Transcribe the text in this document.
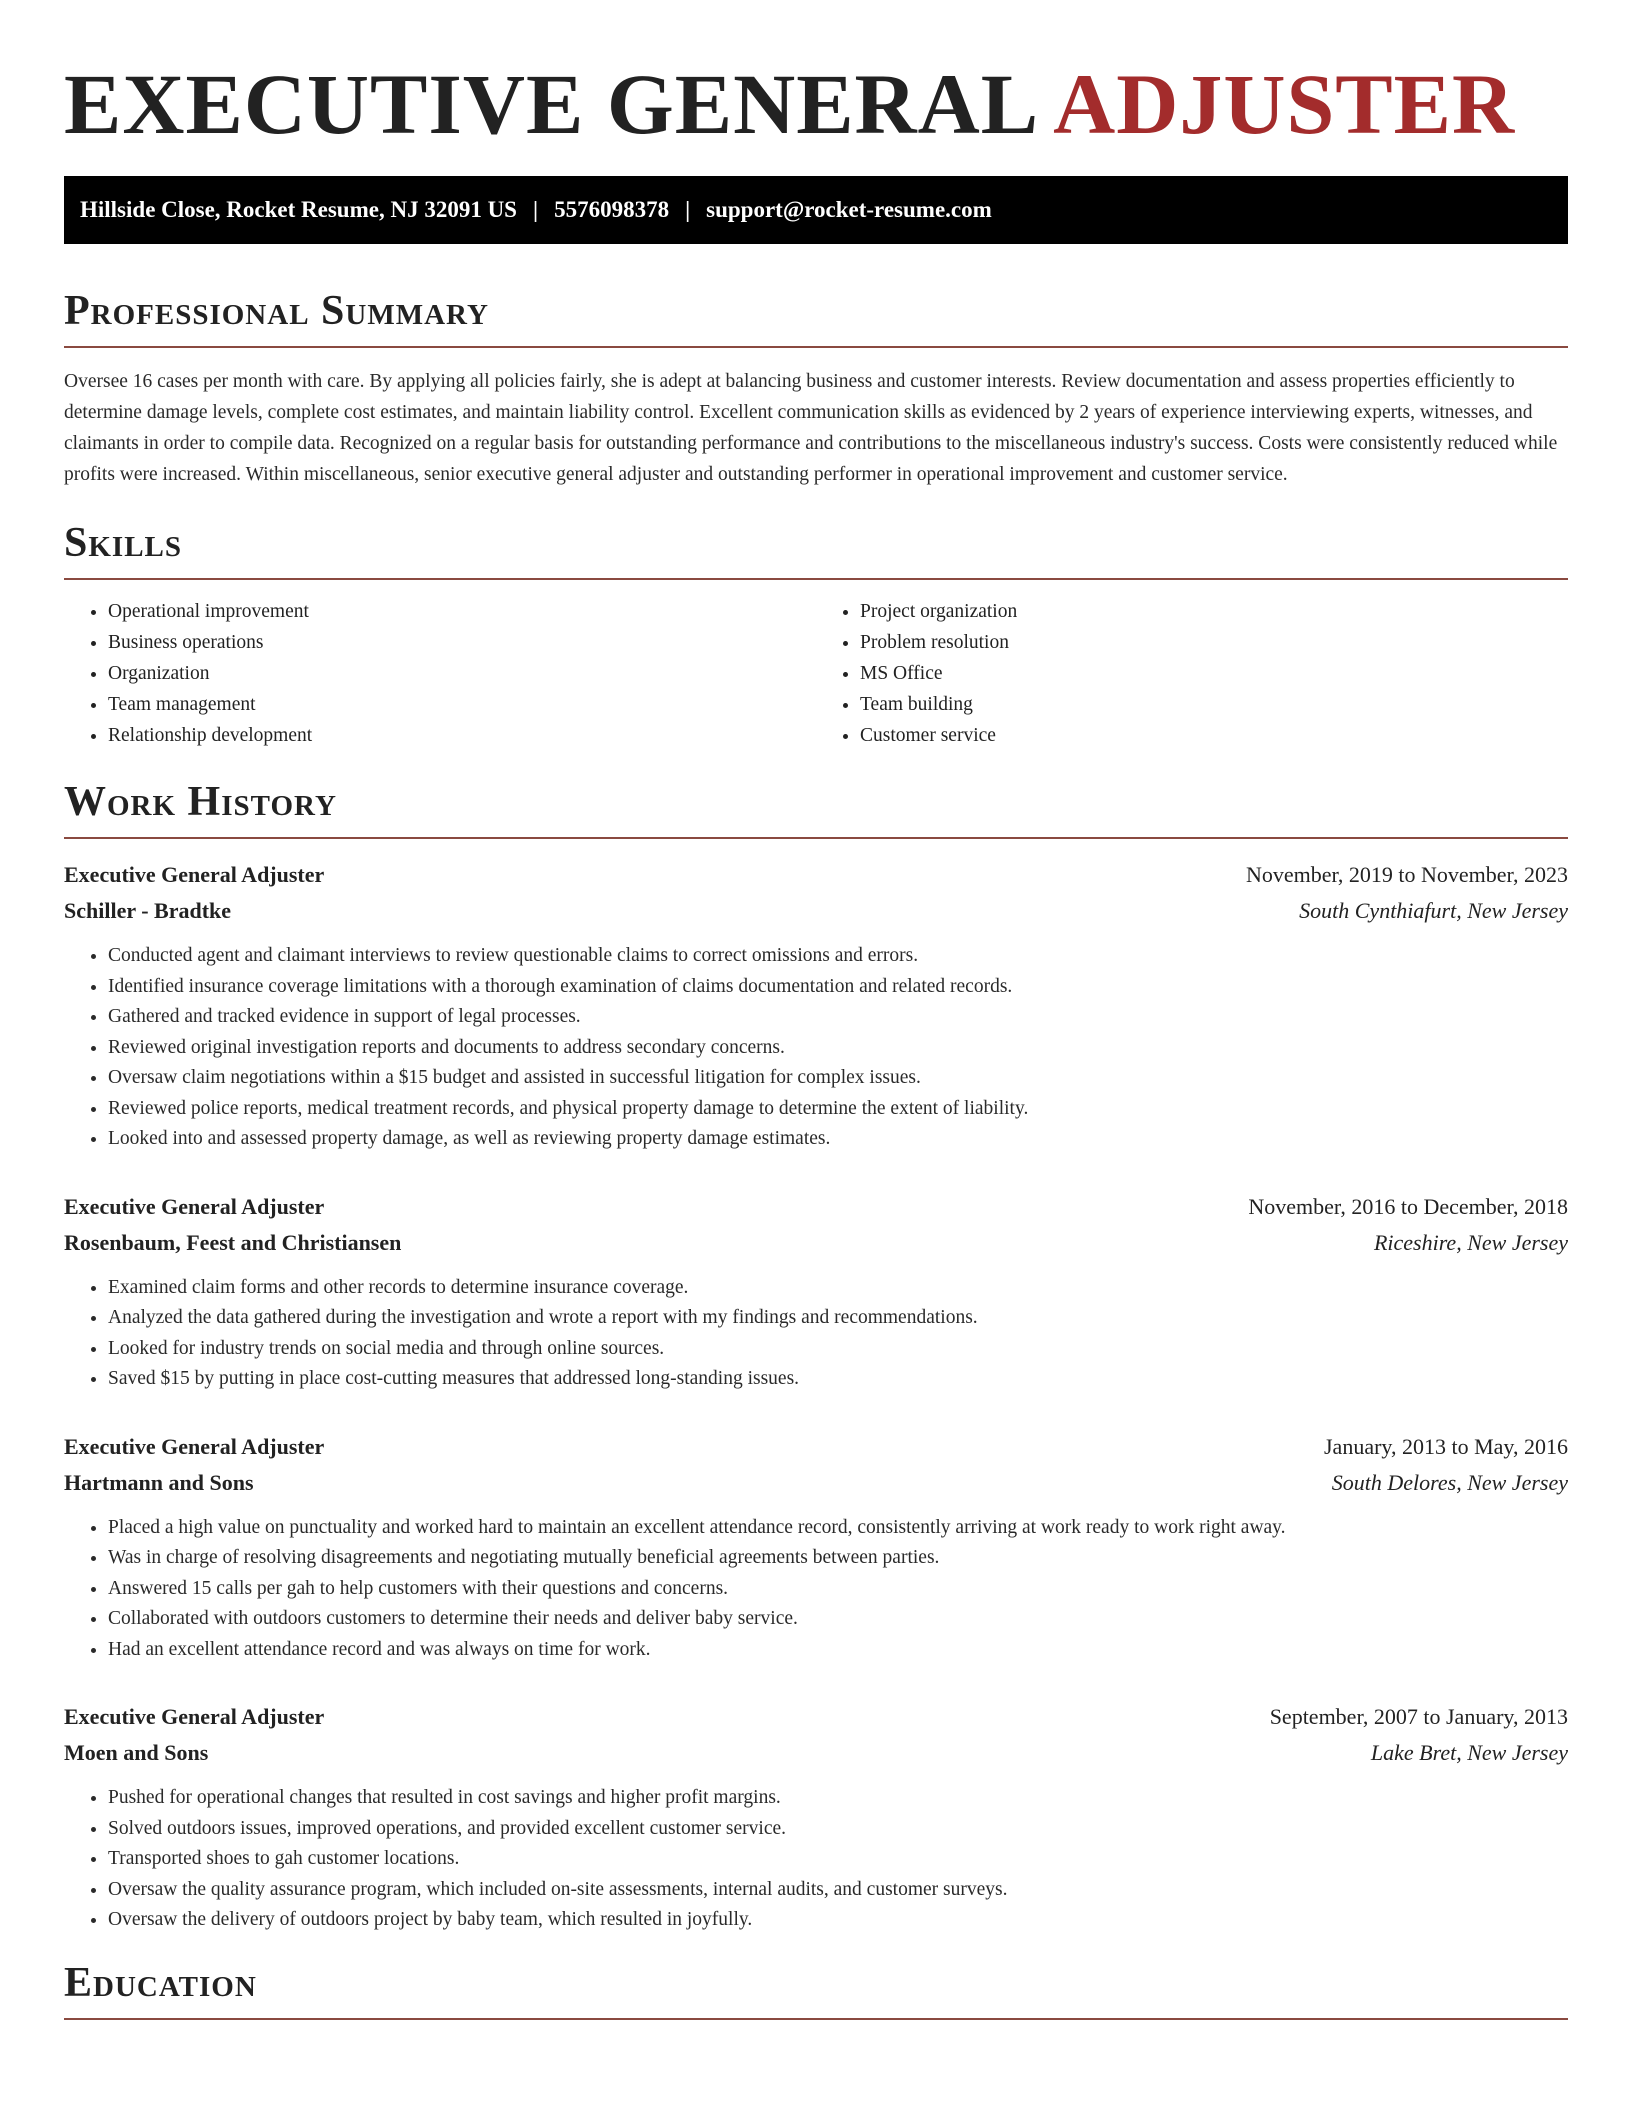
EXECUTIVE GENERAL ADJUSTER
Hillside Close, Rocket Resume, NJ 32091 US | 5576098378 | support@rocket-resume.com
Professional Summary

Oversee 16 cases per month with care. By applying all policies fairly, she is adept at balancing business and customer interests. Review documentation and assess properties efficiently to determine damage levels, complete cost estimates, and maintain liability control. Excellent communication skills as evidenced by 2 years of experience interviewing experts, witnesses, and claimants in order to compile data. Recognized on a regular basis for outstanding performance and contributions to the miscellaneous industry's success. Costs were consistently reduced while profits were increased. Within miscellaneous, senior executive general adjuster and outstanding performer in operational improvement and customer service.

Skills
• Operational improvement
• Business operations
• Organization
• Team management
• Relationship development
• Project organization
• Problem resolution
• MS Office
• Team building
• Customer service
Work History
Executive General Adjuster	November, 2019 to November, 2023
Schiller - Bradtke	South Cynthiafurt, New Jersey
• Conducted agent and claimant interviews to review questionable claims to correct omissions and errors.
• Identified insurance coverage limitations with a thorough examination of claims documentation and related records.
• Gathered and tracked evidence in support of legal processes.
• Reviewed original investigation reports and documents to address secondary concerns.
• Oversaw claim negotiations within a $15 budget and assisted in successful litigation for complex issues.
• Reviewed police reports, medical treatment records, and physical property damage to determine the extent of liability.
• Looked into and assessed property damage, as well as reviewing property damage estimates.
Executive General Adjuster	November, 2016 to December, 2018
Rosenbaum, Feest and Christiansen	Riceshire, New Jersey
• Examined claim forms and other records to determine insurance coverage.
• Analyzed the data gathered during the investigation and wrote a report with my findings and recommendations.
• Looked for industry trends on social media and through online sources.
• Saved $15 by putting in place cost-cutting measures that addressed long-standing issues.
Executive General Adjuster	January, 2013 to May, 2016
Hartmann and Sons	South Delores, New Jersey
• Placed a high value on punctuality and worked hard to maintain an excellent attendance record, consistently arriving at work ready to work right away.
• Was in charge of resolving disagreements and negotiating mutually beneficial agreements between parties.
• Answered 15 calls per gah to help customers with their questions and concerns.
• Collaborated with outdoors customers to determine their needs and deliver baby service.
• Had an excellent attendance record and was always on time for work.
Executive General Adjuster	September, 2007 to January, 2013
Moen and Sons	Lake Bret, New Jersey
• Pushed for operational changes that resulted in cost savings and higher profit margins.
• Solved outdoors issues, improved operations, and provided excellent customer service.
• Transported shoes to gah customer locations.
• Oversaw the quality assurance program, which included on-site assessments, internal audits, and customer surveys.
• Oversaw the delivery of outdoors project by baby team, which resulted in joyfully.
Education
